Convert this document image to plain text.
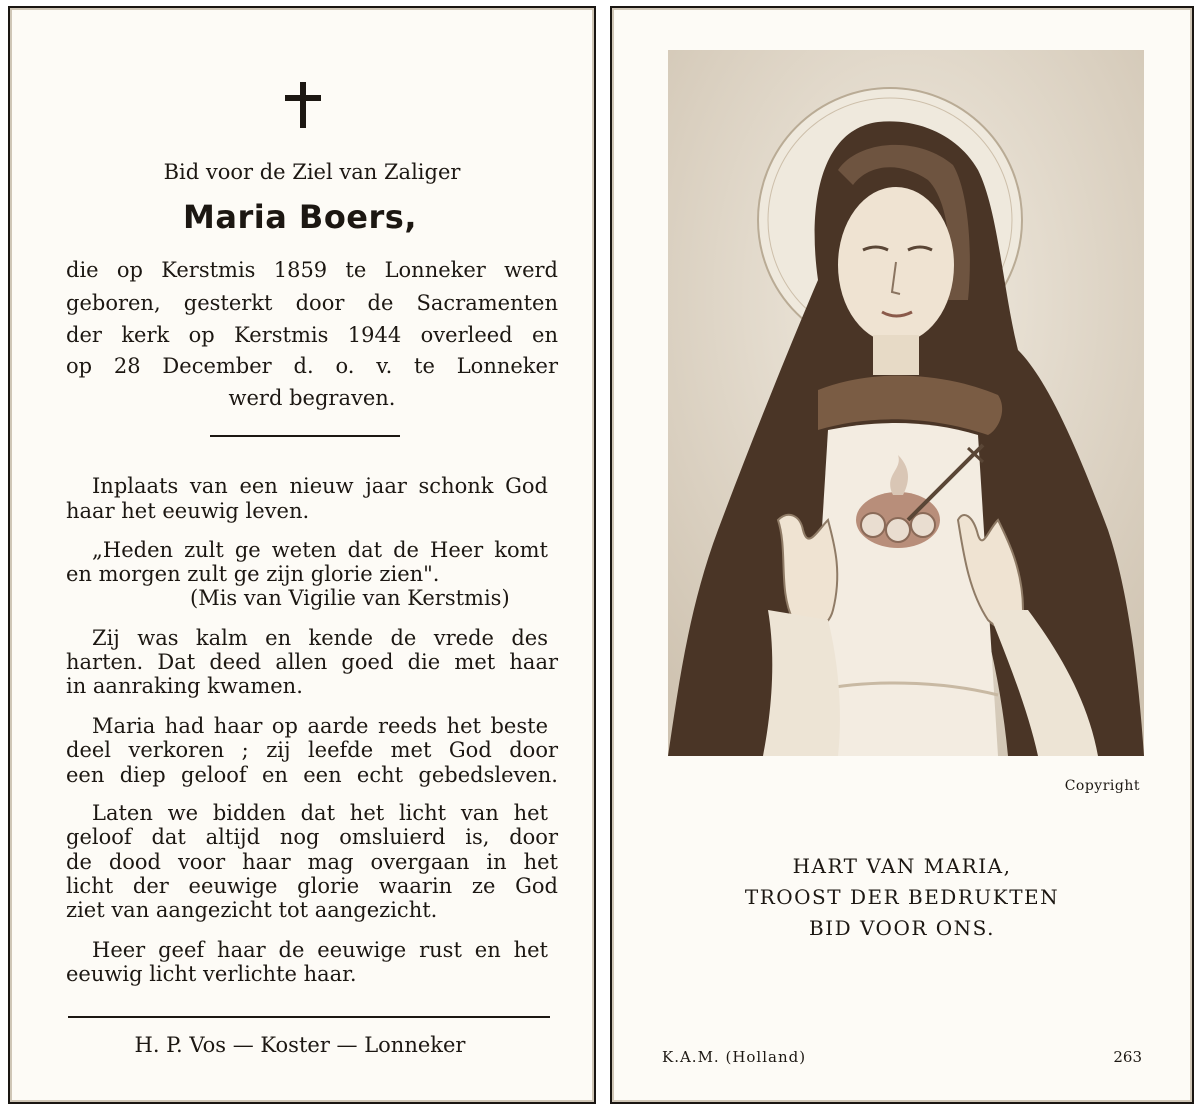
Bid voor de Ziel van Zaliger
Maria Boers,
die op Kerstmis 1859 te Lonneker werd
geboren, gesterkt door de Sacramenten
der kerk op Kerstmis 1944 overleed en
op 28 December d. o. v. te Lonneker
werd begraven.
Inplaats van een nieuw jaar schonk God
haar het eeuwig leven.
„Heden zult ge weten dat de Heer komt
en morgen zult ge zijn glorie zien".
(Mis van Vigilie van Kerstmis)
Zij was kalm en kende de vrede des
harten. Dat deed allen goed die met haar
in aanraking kwamen.
Maria had haar op aarde reeds het beste
deel verkoren ; zij leefde met God door
een diep geloof en een echt gebedsleven.
Laten we bidden dat het licht van het
geloof dat altijd nog omsluierd is, door
de dood voor haar mag overgaan in het
licht der eeuwige glorie waarin ze God
ziet van aangezicht tot aangezicht.
Heer geef haar de eeuwige rust en het
eeuwig licht verlichte haar.
H. P. Vos — Koster — Lonneker
Copyright
HART VAN MARIA,
TROOST DER BEDRUKTEN
BID VOOR ONS.
K.A.M. (Holland)	263
